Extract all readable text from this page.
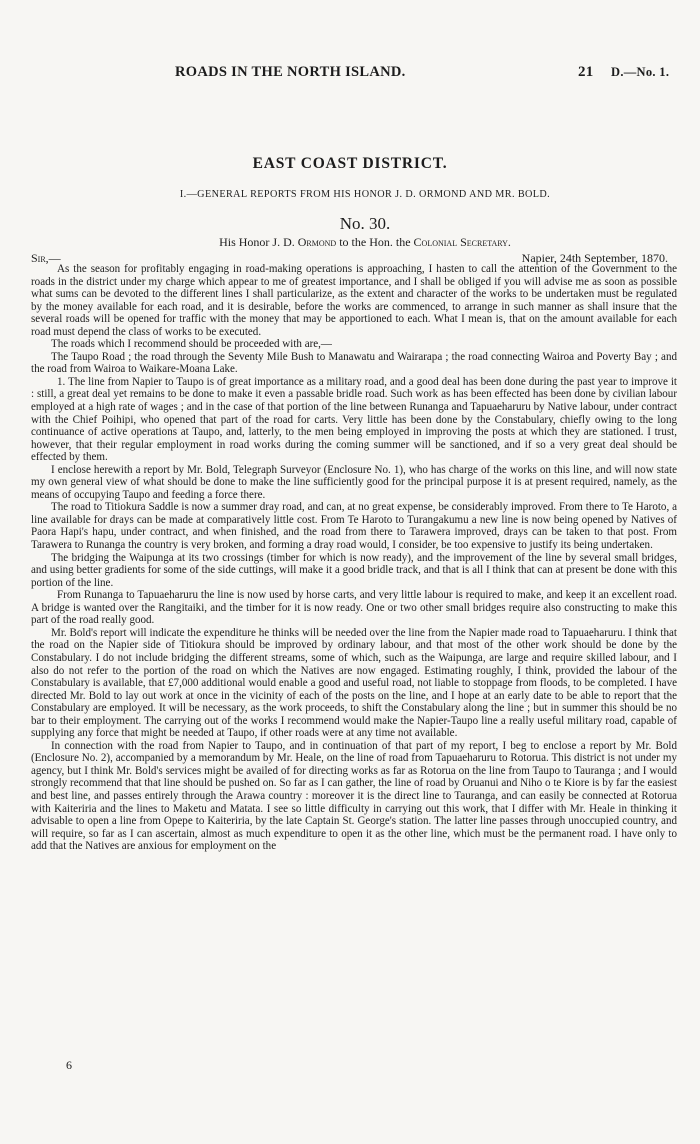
ROADS IN THE NORTH ISLAND.	21 D.—No. 1.
EAST COAST DISTRICT.
I.—GENERAL REPORTS FROM HIS HONOR J. D. ORMOND AND MR. BOLD.
No. 30.
His Honor J. D. Ormond to the Hon. the Colonial Secretary.
Sir,—	Napier, 24th September, 1870.

As the season for profitably engaging in road-making operations is approaching, I hasten to call the attention of the Government to the roads in the district under my charge which appear to me of greatest importance, and I shall be obliged if you will advise me as soon as possible what sums can be devoted to the different lines I shall particularize, as the extent and character of the works to be undertaken must be regulated by the money available for each road, and it is desirable, before the works are commenced, to arrange in such manner as shall insure that the several roads will be opened for traffic with the money that may be apportioned to each. What I mean is, that on the amount available for each road must depend the class of works to be executed.

The roads which I recommend should be proceeded with are,—

The Taupo Road ; the road through the Seventy Mile Bush to Manawatu and Wairarapa ; the road connecting Wairoa and Poverty Bay ; and the road from Wairoa to Waikare-Moana Lake.

1. The line from Napier to Taupo is of great importance as a military road, and a good deal has been done during the past year to improve it : still, a great deal yet remains to be done to make it even a passable bridle road. Such work as has been effected has been done by civilian labour employed at a high rate of wages ; and in the case of that portion of the line between Runanga and Tapuaeharuru by Native labour, under contract with the Chief Poihipi, who opened that part of the road for carts. Very little has been done by the Constabulary, chiefly owing to the long continuance of active operations at Taupo, and, latterly, to the men being employed in improving the posts at which they are stationed. I trust, however, that their regular employment in road works during the coming summer will be sanctioned, and if so a very great deal should be effected by them.

I enclose herewith a report by Mr. Bold, Telegraph Surveyor (Enclosure No. 1), who has charge of the works on this line, and will now state my own general view of what should be done to make the line sufficiently good for the principal purpose it is at present required, namely, as the means of occupying Taupo and feeding a force there.

The road to Titiokura Saddle is now a summer dray road, and can, at no great expense, be considerably improved. From there to Te Haroto, a line available for drays can be made at comparatively little cost. From Te Haroto to Turangakumu a new line is now being opened by Natives of Paora Hapi's hapu, under contract, and when finished, and the road from there to Tarawera improved, drays can be taken to that post. From Tarawera to Runanga the country is very broken, and forming a dray road would, I consider, be too expensive to justify its being undertaken.

The bridging the Waipunga at its two crossings (timber for which is now ready), and the improvement of the line by several small bridges, and using better gradients for some of the side cuttings, will make it a good bridle track, and that is all I think that can at present be done with this portion of the line.

From Runanga to Tapuaeharuru the line is now used by horse carts, and very little labour is required to make, and keep it an excellent road. A bridge is wanted over the Rangitaiki, and the timber for it is now ready. One or two other small bridges require also constructing to make this part of the road really good.

Mr. Bold's report will indicate the expenditure he thinks will be needed over the line from the Napier made road to Tapuaeharuru. I think that the road on the Napier side of Titiokura should be improved by ordinary labour, and that most of the other work should be done by the Constabulary. I do not include bridging the different streams, some of which, such as the Waipunga, are large and require skilled labour, and I also do not refer to the portion of the road on which the Natives are now engaged. Estimating roughly, I think, provided the labour of the Constabulary is available, that £7,000 additional would enable a good and useful road, not liable to stoppage from floods, to be completed. I have directed Mr. Bold to lay out work at once in the vicinity of each of the posts on the line, and I hope at an early date to be able to report that the Constabulary are employed. It will be necessary, as the work proceeds, to shift the Constabulary along the line ; but in summer this should be no bar to their employment. The carrying out of the works I recommend would make the Napier-Taupo line a really useful military road, capable of supplying any force that might be needed at Taupo, if other roads were at any time not available.

In connection with the road from Napier to Taupo, and in continuation of that part of my report, I beg to enclose a report by Mr. Bold (Enclosure No. 2), accompanied by a memorandum by Mr. Heale, on the line of road from Tapuaeharuru to Rotorua. This district is not under my agency, but I think Mr. Bold's services might be availed of for directing works as far as Rotorua on the line from Taupo to Tauranga ; and I would strongly recommend that that line should be pushed on. So far as I can gather, the line of road by Oruanui and Niho o te Kiore is by far the easiest and best line, and passes entirely through the Arawa country : moreover it is the direct line to Tauranga, and can easily be connected at Rotorua with Kaiteriria and the lines to Maketu and Matata. I see so little difficulty in carrying out this work, that I differ with Mr. Heale in thinking it advisable to open a line from Opepe to Kaiteriria, by the late Captain St. George's station. The latter line passes through unoccupied country, and will require, so far as I can ascertain, almost as much expenditure to open it as the other line, which must be the permanent road. I have only to add that the Natives are anxious for employment on the

6
